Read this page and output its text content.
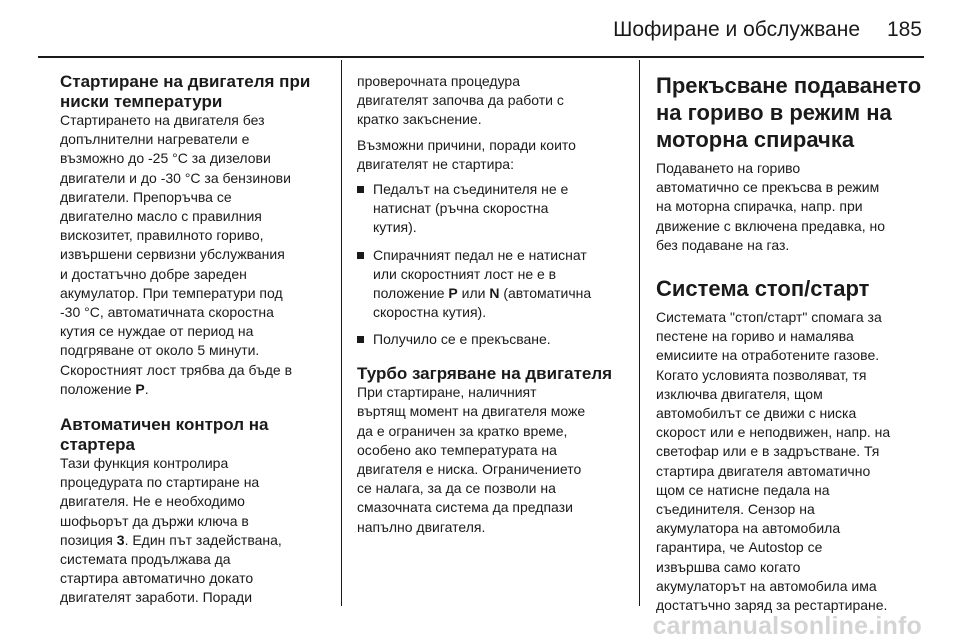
Шофиране и обслужване	185
Стартиране на двигателя при
ниски температури

Стартирането на двигателя без
допълнителни нагреватели е
възможно до -25 °C за дизелови
двигатели и до -30 °C за бензинови
двигатели. Препоръчва се
двигателно масло с правилния
вискозитет, правилното гориво,
извършени сервизни убслужвания
и достатъчно добре зареден
акумулатор. При температури под
-30 °C, автоматичната скоростна
кутия се нуждае от период на
подгряване от около 5 минути.
Скоростният лост трябва да бъде в
положение P.

Автоматичен контрол на
стартера

Тази функция контролира
процедурата по стартиране на
двигателя. Не е необходимо
шофьорът да държи ключа в
позиция 3. Един път задействана,
системата продължава да
стартира автоматично докато
двигателят заработи. Поради

проверочната процедура
двигателят започва да работи с
кратко закъснение.

Възможни причини, поради които
двигателят не стартира:

Педалът на съединителя не е
натиснат (ръчна скоростна
кутия).
Спирачният педал не е натиснат
или скоростният лост не е в
положение P или N (автоматична
скоростна кутия).
Получило се е прекъсване.
Турбо загряване на двигателя

При стартиране, наличният
въртящ момент на двигателя може
да е ограничен за кратко време,
особено ако температурата на
двигателя е ниска. Ограничението
се налага, за да се позволи на
смазочната система да предпази
напълно двигателя.

Прекъсване подаването
на гориво в режим на
моторна спирачка

Подаването на гориво
автоматично се прекъсва в режим
на моторна спирачка, напр. при
движение с включена предавка, но
без подаване на газ.

Система стоп/старт

Системата "стоп/старт" спомага за
пестене на гориво и намалява
емисиите на отработените газове.
Когато условията позволяват, тя
изключва двигателя, щом
автомобилът се движи с ниска
скорост или е неподвижен, напр. на
светофар или е в задръстване. Тя
стартира двигателя автоматично
щом се натисне педала на
съединителя. Сензор на
акумулатора на автомобила
гарантира, че Autostop се
извършва само когато
акумулаторът на автомобила има
достатъчно заряд за рестартиране.

carmanualsonline.info
